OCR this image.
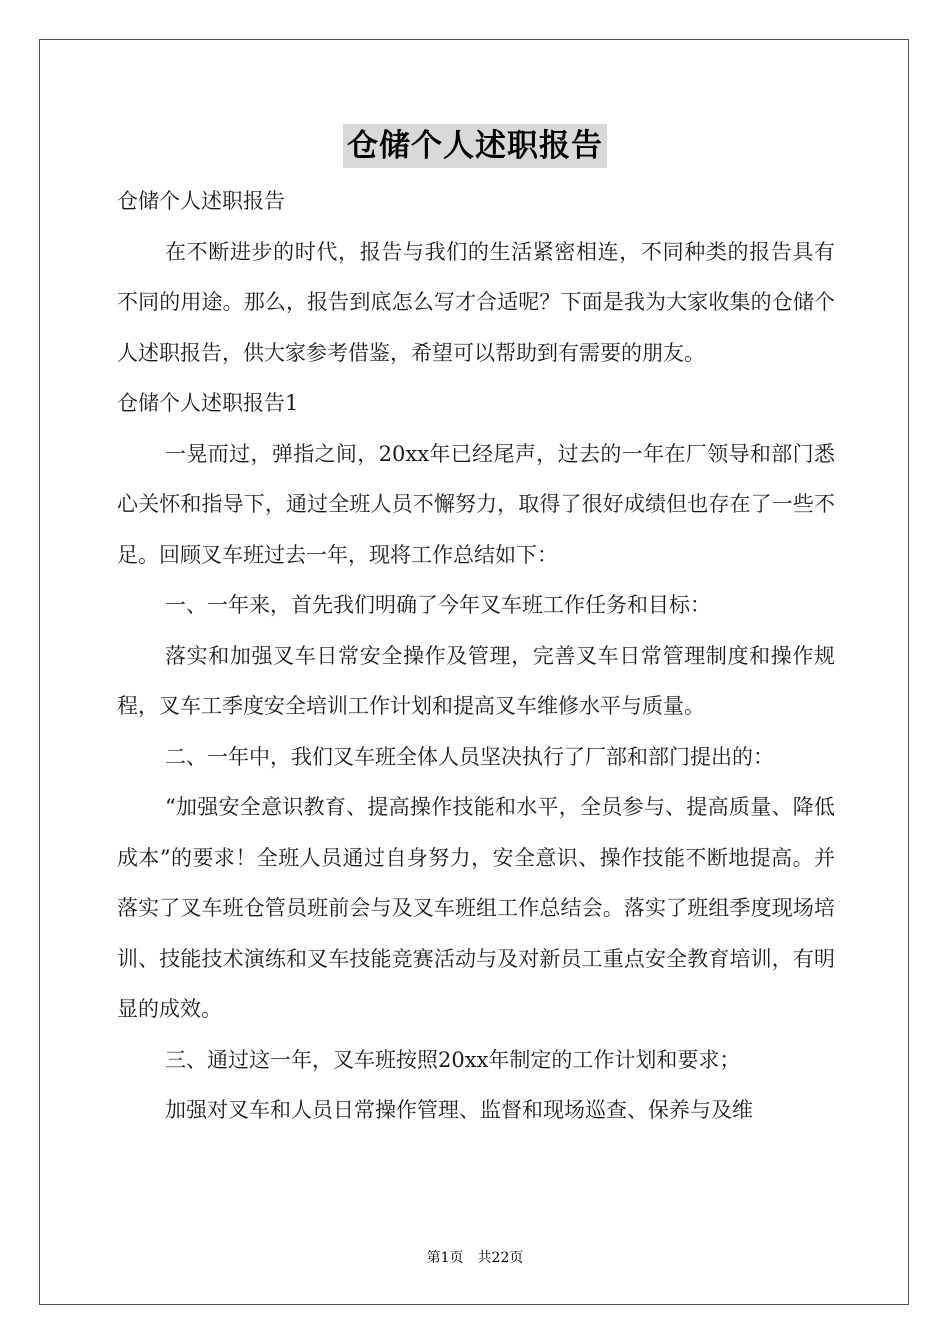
仓储个人述职报告

仓储个人述职报告

在不断进步的时代，报告与我们的生活紧密相连，不同种类的报告具有不同的用途。那么，报告到底怎么写才合适呢？下面是我为大家收集的仓储个人述职报告，供大家参考借鉴，希望可以帮助到有需要的朋友。

仓储个人述职报告1

一晃而过，弹指之间，20xx年已经尾声，过去的一年在厂领导和部门悉心关怀和指导下，通过全班人员不懈努力，取得了很好成绩但也存在了一些不足。回顾叉车班过去一年，现将工作总结如下：

一、一年来，首先我们明确了今年叉车班工作任务和目标：

落实和加强叉车日常安全操作及管理，完善叉车日常管理制度和操作规程，叉车工季度安全培训工作计划和提高叉车维修水平与质量。

二、一年中，我们叉车班全体人员坚决执行了厂部和部门提出的：

“加强安全意识教育、提高操作技能和水平，全员参与、提高质量、降低成本”的要求！全班人员通过自身努力，安全意识、操作技能不断地提高。并落实了叉车班仓管员班前会与及叉车班组工作总结会。落实了班组季度现场培训、技能技术演练和叉车技能竞赛活动与及对新员工重点安全教育培训，有明显的成效。

三、通过这一年，叉车班按照20xx年制定的工作计划和要求；

加强对叉车和人员日常操作管理、监督和现场巡查、保养与及维

第1页 共22页
